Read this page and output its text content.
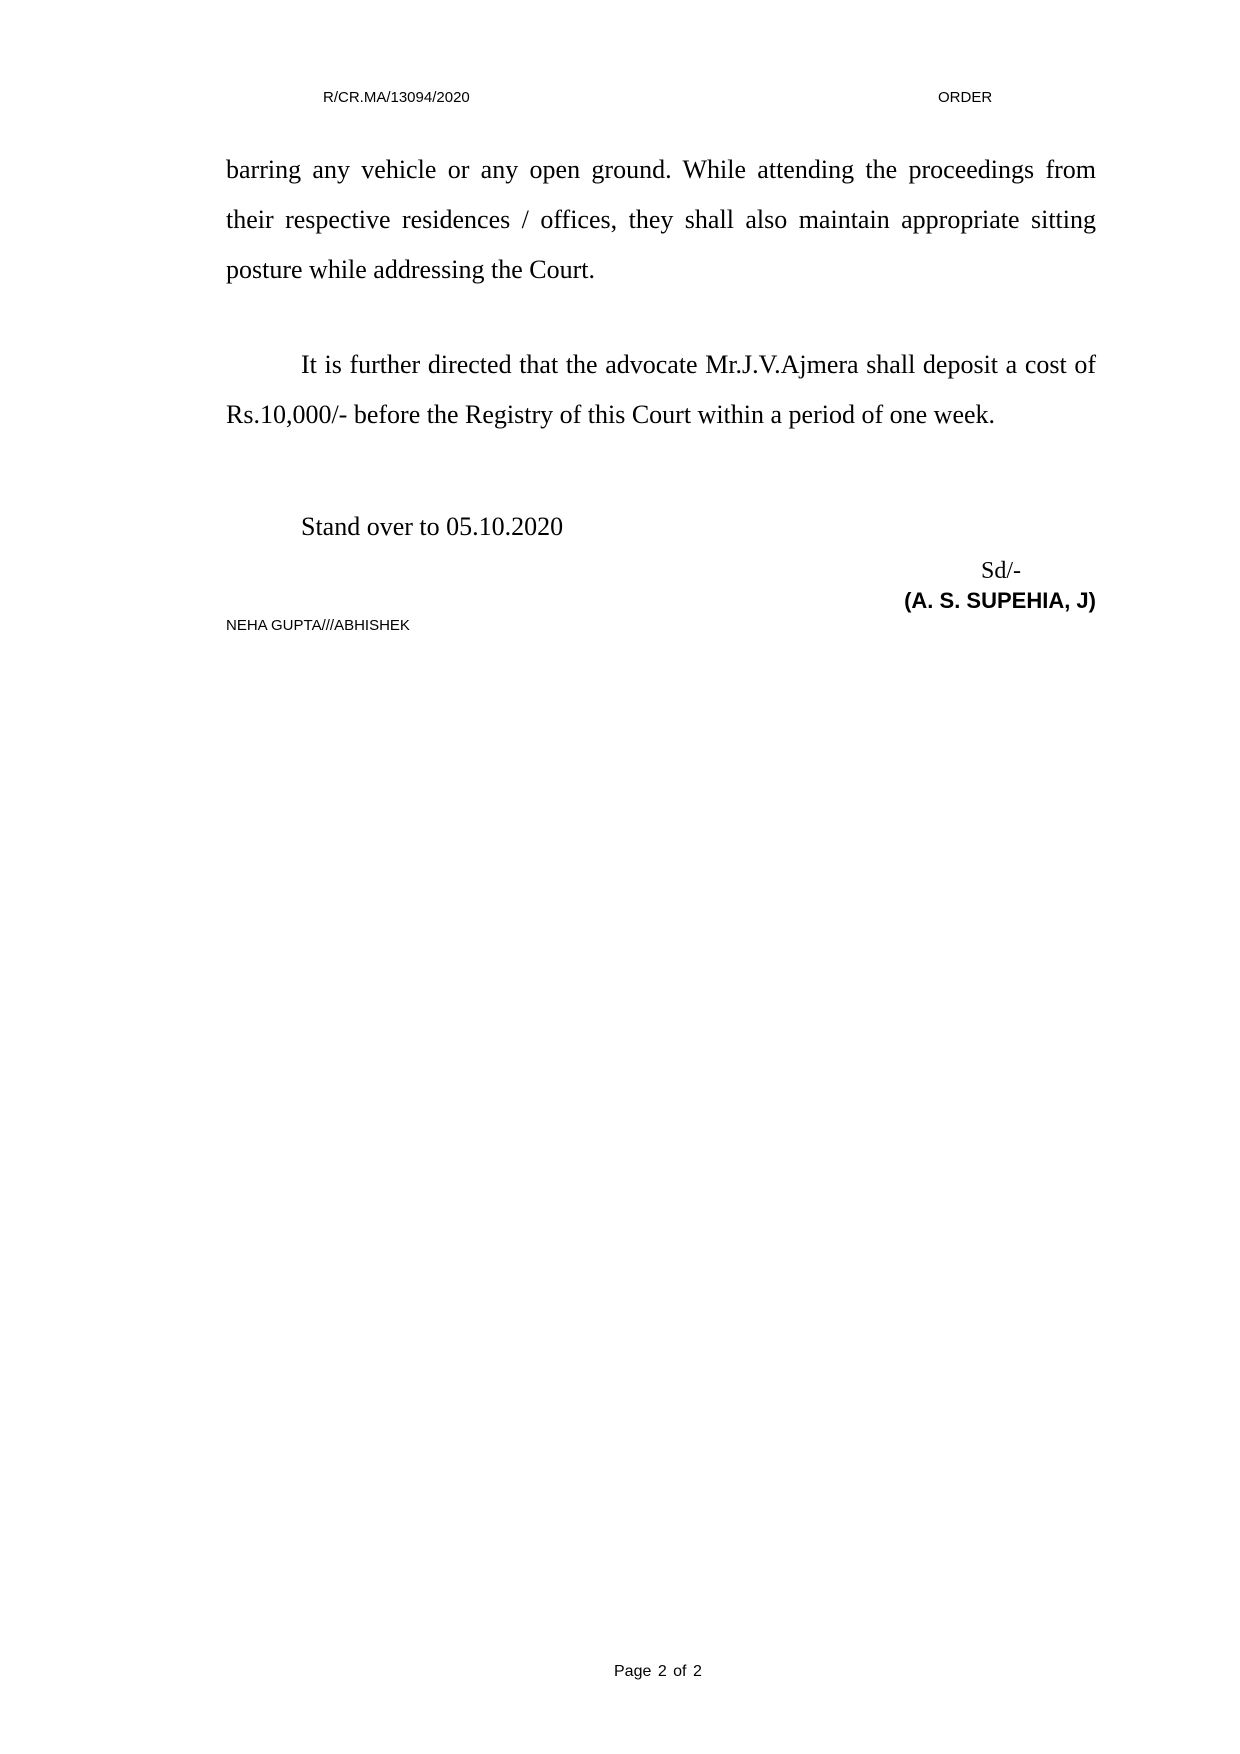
R/CR.MA/13094/2020	ORDER

barring any vehicle or any open ground. While attending the proceedings from their respective residences / offices, they shall also maintain appropriate sitting posture while addressing the Court.

It is further directed that the advocate Mr.J.V.Ajmera shall deposit a cost of Rs.10,000/- before the Registry of this Court within a period of one week.

Stand over to 05.10.2020

Sd/-
(A. S. SUPEHIA, J)
NEHA GUPTA///ABHISHEK
Page 2 of 2
